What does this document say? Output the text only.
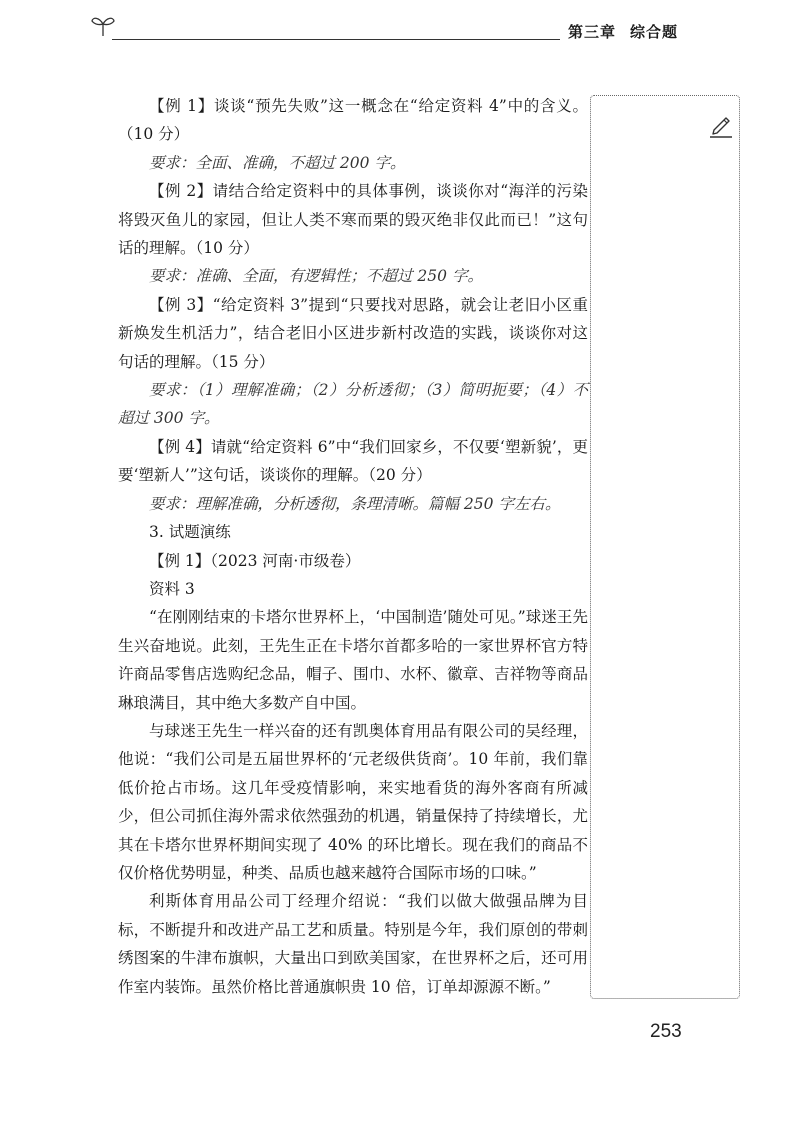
第三章 综合题

【例 1】谈谈“预先失败”这一概念在“给定资料 4”中的含义。（10 分）

要求：全面、准确，不超过 200 字。

【例 2】请结合给定资料中的具体事例，谈谈你对“海洋的污染将毁灭鱼儿的家园，但让人类不寒而栗的毁灭绝非仅此而已！”这句话的理解。（10 分）

要求：准确、全面，有逻辑性；不超过 250 字。

【例 3】“给定资料 3”提到“只要找对思路，就会让老旧小区重新焕发生机活力”，结合老旧小区进步新村改造的实践，谈谈你对这句话的理解。（15 分）

要求：（1）理解准确；（2）分析透彻；（3）简明扼要；（4）不超过 300 字。

【例 4】请就“给定资料 6”中“我们回家乡，不仅要‘塑新貌’，更要‘塑新人’”这句话，谈谈你的理解。（20 分）

要求：理解准确，分析透彻，条理清晰。篇幅 250 字左右。

3. 试题演练

【例 1】（2023 河南·市级卷）

资料 3

“在刚刚结束的卡塔尔世界杯上，‘中国制造’随处可见。”球迷王先生兴奋地说。此刻，王先生正在卡塔尔首都多哈的一家世界杯官方特许商品零售店选购纪念品，帽子、围巾、水杯、徽章、吉祥物等商品琳琅满目，其中绝大多数产自中国。

与球迷王先生一样兴奋的还有凯奥体育用品有限公司的吴经理，他说：“我们公司是五届世界杯的‘元老级供货商’。10 年前，我们靠低价抢占市场。这几年受疫情影响，来实地看货的海外客商有所减少，但公司抓住海外需求依然强劲的机遇，销量保持了持续增长，尤其在卡塔尔世界杯期间实现了 40% 的环比增长。现在我们的商品不仅价格优势明显，种类、品质也越来越符合国际市场的口味。”

利斯体育用品公司丁经理介绍说：“我们以做大做强品牌为目标，不断提升和改进产品工艺和质量。特别是今年，我们原创的带刺绣图案的牛津布旗帜，大量出口到欧美国家，在世界杯之后，还可用作室内装饰。虽然价格比普通旗帜贵 10 倍，订单却源源不断。”

253
